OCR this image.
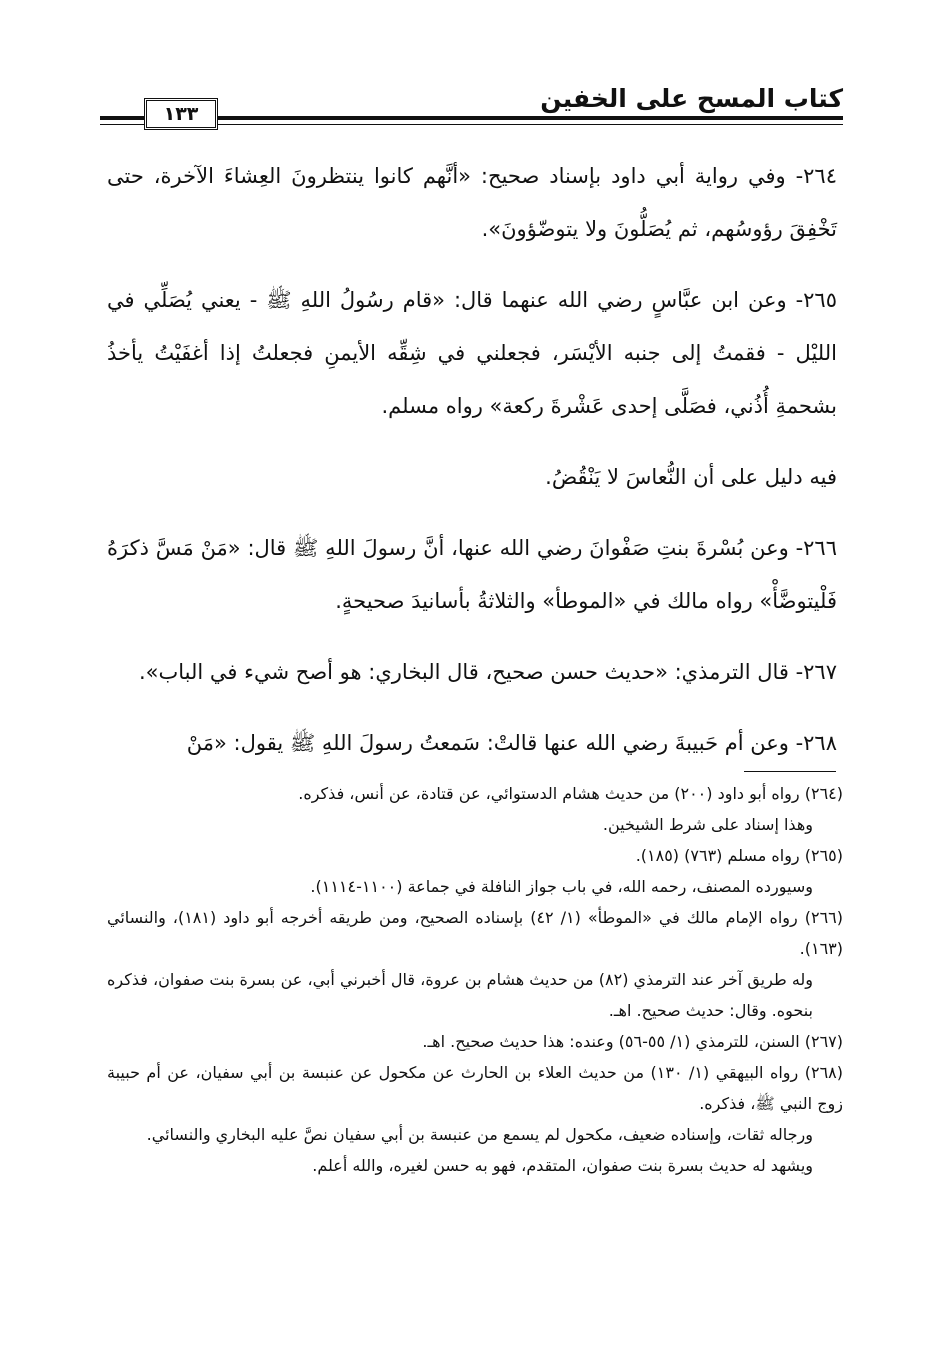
كتاب المسح على الخفين
١٣٣

٢٦٤- وفي رواية أبي داود بإسناد صحيح: «أنَّهم كانوا ينتظرونَ العِشاءَ الآخرة، حتى تَخْفِقَ رؤوسُهم، ثم يُصَلُّونَ ولا يتوضّؤونَ».

٢٦٥- وعن ابن عبَّاسٍ رضي الله عنهما قال: «قام رسُولُ اللهِ ﷺ - يعني يُصَلِّي في الليْل - فقمتُ إلى جنبه الأيْسَر، فجعلني في شِقِّه الأيمنِ فجعلتُ إذا أغفَيْتُ يأخذُ بشحمةِ أُذُني، فصَلَّى إحدى عَشْرةَ ركعة» رواه مسلم.

فيه دليل على أن النُّعاسَ لا يَنْقُضُ.

٢٦٦- وعن بُسْرةَ بنتِ صَفْوانَ رضي الله عنها، أنَّ رسولَ اللهِ ﷺ قال: «مَنْ مَسَّ ذكرَهُ فَلْيتوضَّأْ» رواه مالك في «الموطأ» والثلاثةُ بأسانيدَ صحيحةٍ.

٢٦٧- قال الترمذي: «حديث حسن صحيح، قال البخاري: هو أصح شيء في الباب».

٢٦٨- وعن أم حَبيبةَ رضي الله عنها قالتْ: سَمعتُ رسولَ اللهِ ﷺ يقول: «مَنْ

(٢٦٤) رواه أبو داود (٢٠٠) من حديث هشام الدستوائي، عن قتادة، عن أنس، فذكره.

وهذا إسناد على شرط الشيخين.

(٢٦٥) رواه مسلم (٧٦٣) (١٨٥).

وسيورده المصنف، رحمه الله، في باب جواز النافلة في جماعة (١١٠٠-١١١٤).

(٢٦٦) رواه الإمام مالك في «الموطأ» (١/ ٤٢) بإسناده الصحيح، ومن طريقه أخرجه أبو داود (١٨١)، والنسائي (١٦٣).

وله طريق آخر عند الترمذي (٨٢) من حديث هشام بن عروة، قال أخبرني أبي، عن بسرة بنت صفوان، فذكره بنحوه. وقال: حديث صحيح. اهـ.

(٢٦٧) السنن، للترمذي (١/ ٥٥-٥٦) وعنده: هذا حديث صحيح. اهـ.

(٢٦٨) رواه البيهقي (١/ ١٣٠) من حديث العلاء بن الحارث عن مكحول عن عنبسة بن أبي سفيان، عن أم حبيبة زوج النبي ﷺ، فذكره.

ورجاله ثقات، وإسناده ضعيف، مكحول لم يسمع من عنبسة بن أبي سفيان نصَّ عليه البخاري والنسائي.

ويشهد له حديث بسرة بنت صفوان، المتقدم، فهو به حسن لغيره، والله أعلم.
